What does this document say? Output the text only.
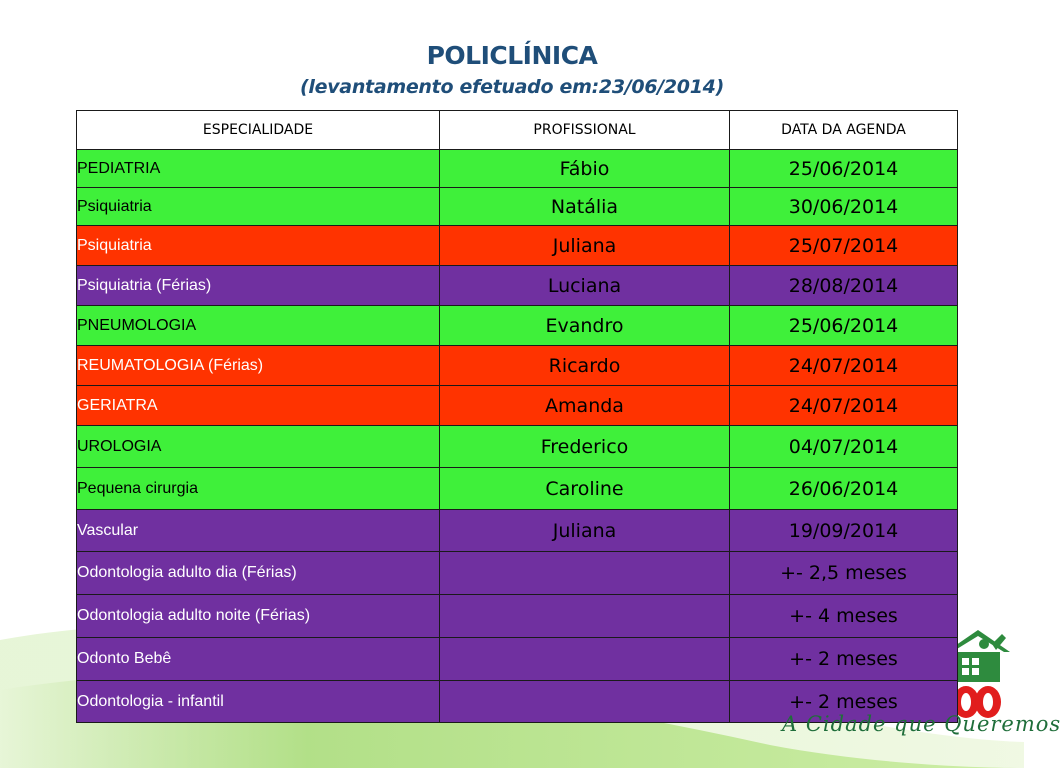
POLICLÍNICA
(levantamento efetuado em:23/06/2014)
A Cidade que Queremos
ESPECIALIDADE	PROFISSIONAL	DATA DA AGENDA
PEDIATRIA	Fábio	25/06/2014
Psiquiatria	Natália	30/06/2014
Psiquiatria	Juliana	25/07/2014
Psiquiatria (Férias)	Luciana	28/08/2014
PNEUMOLOGIA	Evandro	25/06/2014
REUMATOLOGIA (Férias)	Ricardo	24/07/2014
GERIATRA	Amanda	24/07/2014
UROLOGIA	Frederico	04/07/2014
Pequena cirurgia	Caroline	26/06/2014
Vascular	Juliana	19/09/2014
Odontologia adulto dia (Férias)		+- 2,5 meses
Odontologia adulto noite (Férias)		+- 4 meses
Odonto Bebê		+- 2 meses
Odontologia - infantil		+- 2 meses
